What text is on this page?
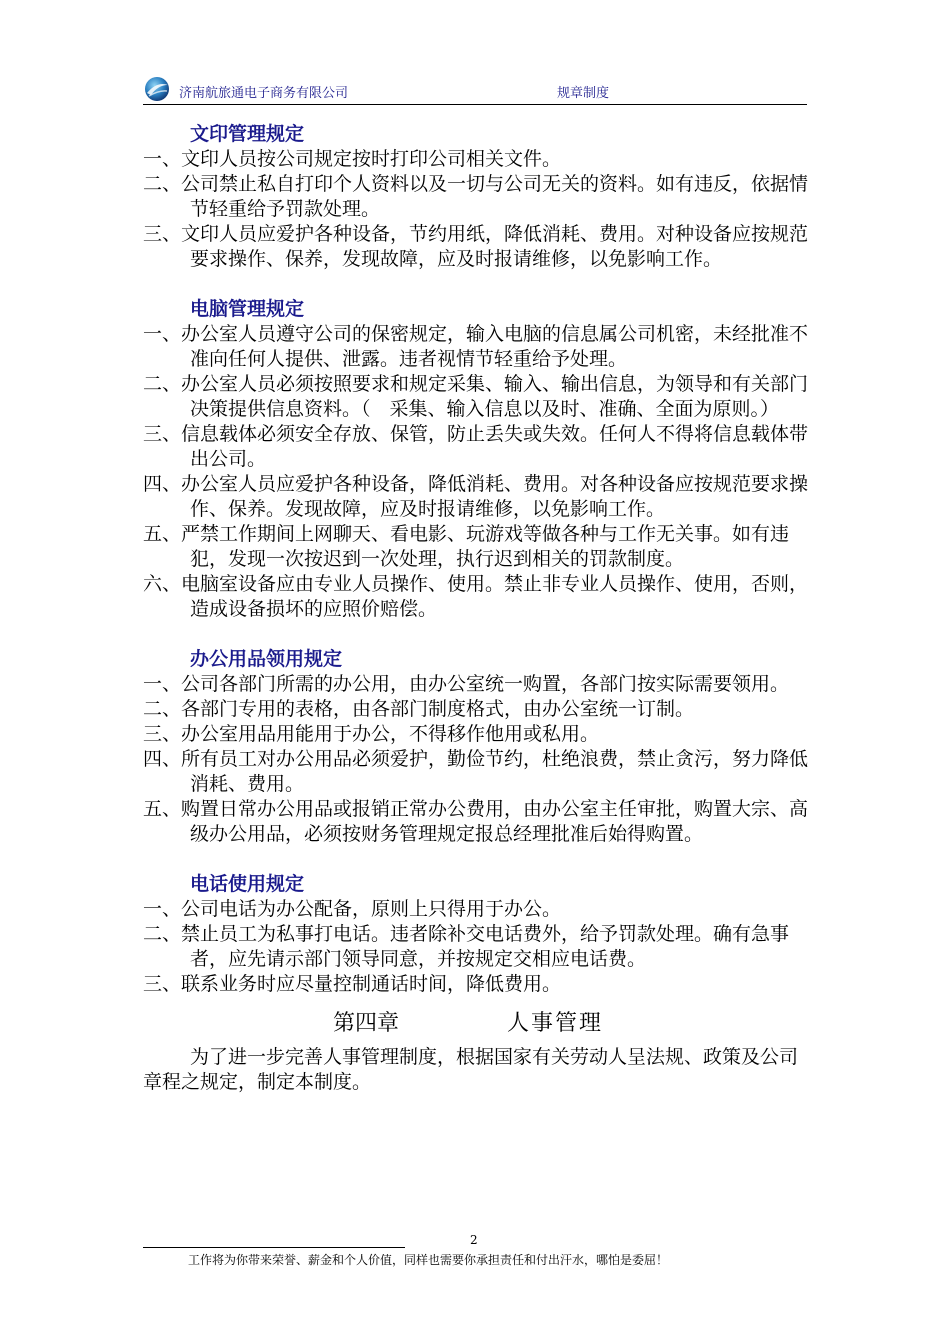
济南航旅通电子商务有限公司	规章制度
文印管理规定
一、文印人员按公司规定按时打印公司相关文件。
二、公司禁止私自打印个人资料以及一切与公司无关的资料。如有违反，依据情节轻重给予罚款处理。
三、文印人员应爱护各种设备，节约用纸，降低消耗、费用。对种设备应按规范要求操作、保养，发现故障，应及时报请维修，以免影响工作。
电脑管理规定
一、办公室人员遵守公司的保密规定，输入电脑的信息属公司机密，未经批准不准向任何人提供、泄露。违者视情节轻重给予处理。
二、办公室人员必须按照要求和规定采集、输入、输出信息，为领导和有关部门决策提供信息资料。（　采集、输入信息以及时、准确、全面为原则。）
三、信息载体必须安全存放、保管，防止丢失或失效。任何人不得将信息载体带出公司。
四、办公室人员应爱护各种设备，降低消耗、费用。对各种设备应按规范要求操作、保养。发现故障，应及时报请维修，以免影响工作。
五、严禁工作期间上网聊天、看电影、玩游戏等做各种与工作无关事。如有违犯，发现一次按迟到一次处理，执行迟到相关的罚款制度。
六、电脑室设备应由专业人员操作、使用。禁止非专业人员操作、使用，否则，造成设备损坏的应照价赔偿。
办公用品领用规定
一、公司各部门所需的办公用，由办公室统一购置，各部门按实际需要领用。
二、各部门专用的表格，由各部门制度格式，由办公室统一订制。
三、办公室用品用能用于办公，不得移作他用或私用。
四、所有员工对办公用品必须爱护，勤俭节约，杜绝浪费，禁止贪污，努力降低消耗、费用。
五、购置日常办公用品或报销正常办公费用，由办公室主任审批，购置大宗、高级办公用品，必须按财务管理规定报总经理批准后始得购置。
电话使用规定
一、公司电话为办公配备，原则上只得用于办公。
二、禁止员工为私事打电话。违者除补交电话费外，给予罚款处理。确有急事者，应先请示部门领导同意，并按规定交相应电话费。
三、联系业务时应尽量控制通话时间，降低费用。
第四章	人事管理
为了进一步完善人事管理制度，根据国家有关劳动人呈法规、政策及公司章程之规定，制定本制度。
2
工作将为你带来荣誉、薪金和个人价值，同样也需要你承担责任和付出汗水，哪怕是委屈！
